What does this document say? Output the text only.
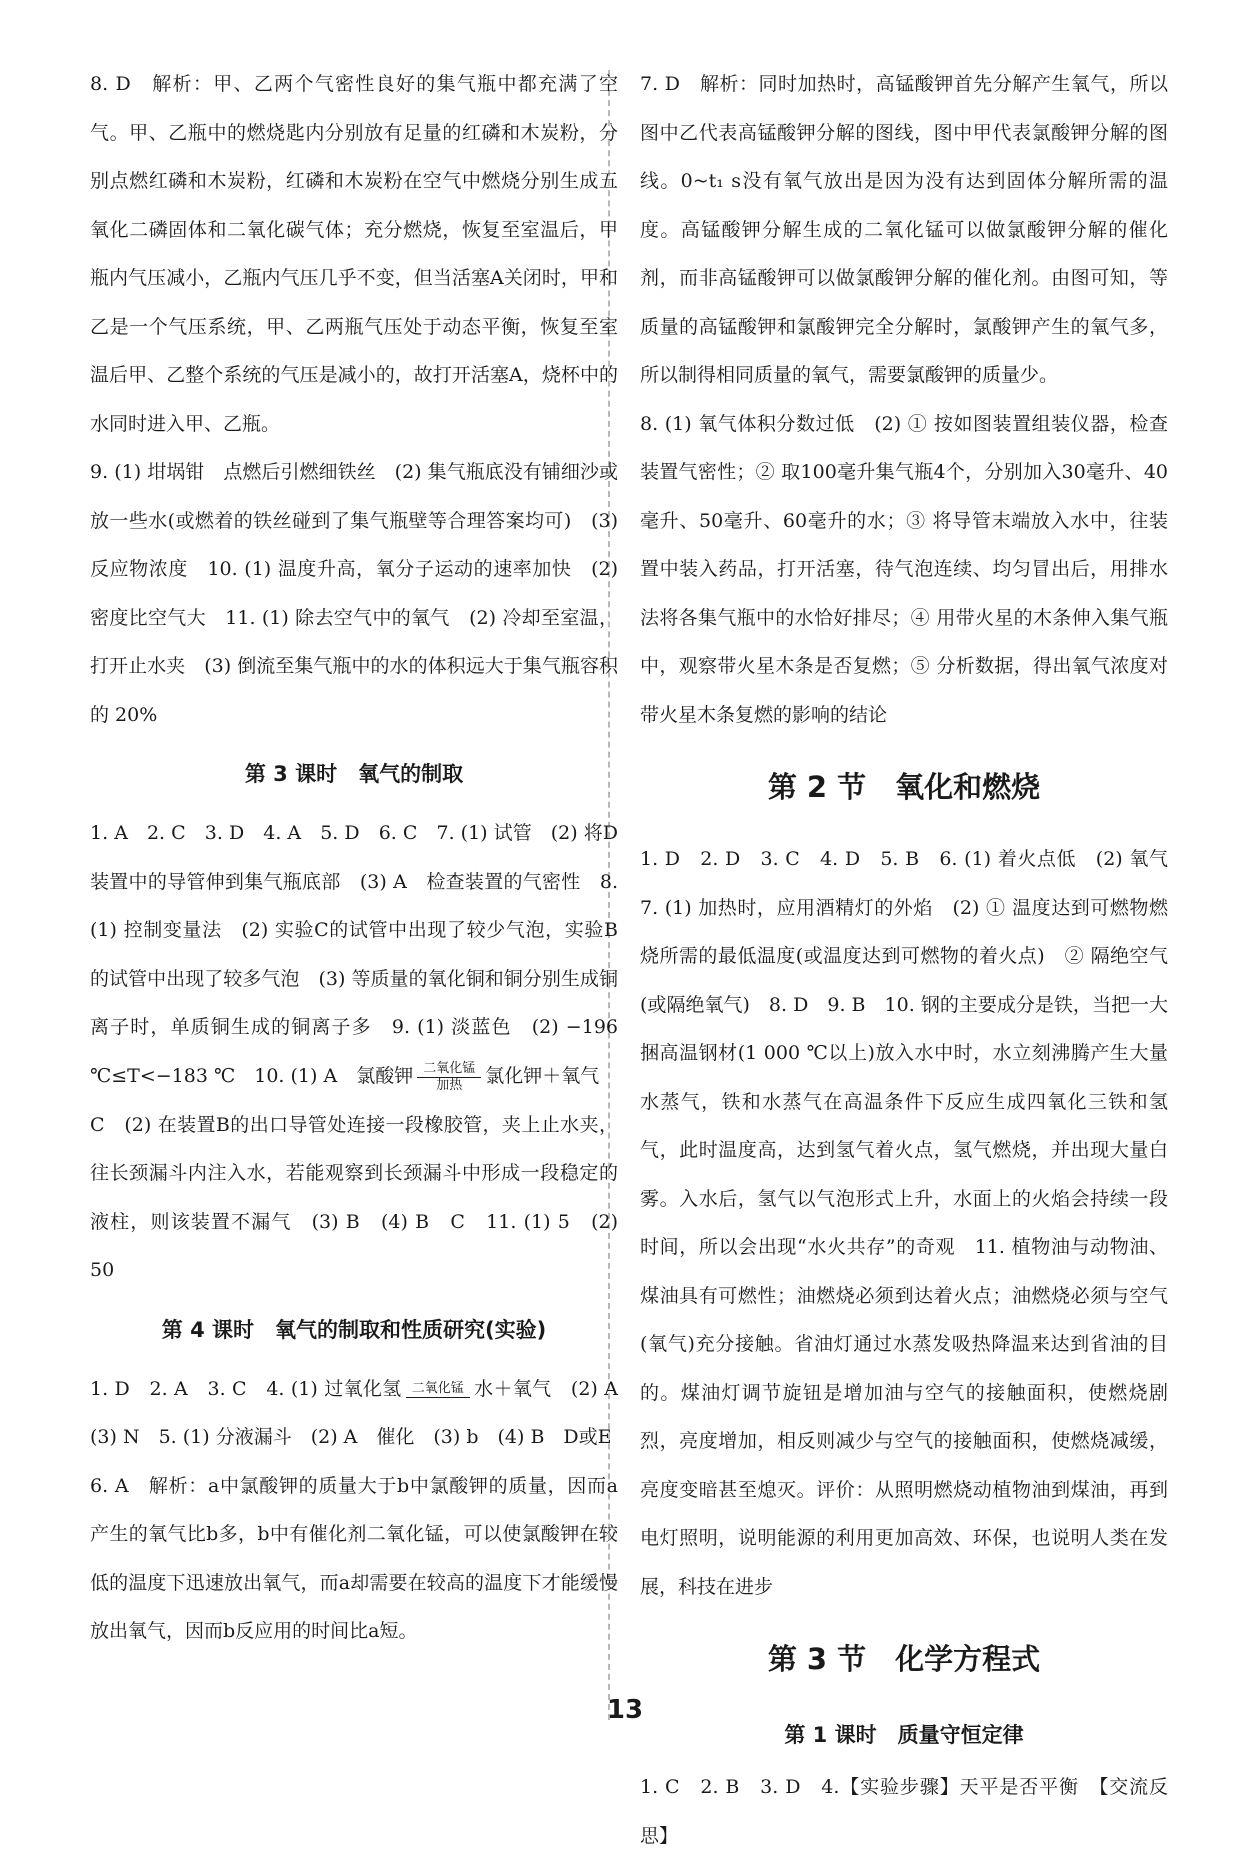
8. D　解析：甲、乙两个气密性良好的集气瓶中都充满了空气。甲、乙瓶中的燃烧匙内分别放有足量的红磷和木炭粉，分别点燃红磷和木炭粉，红磷和木炭粉在空气中燃烧分别生成五氧化二磷固体和二氧化碳气体；充分燃烧，恢复至室温后，甲瓶内气压减小，乙瓶内气压几乎不变，但当活塞A关闭时，甲和乙是一个气压系统，甲、乙两瓶气压处于动态平衡，恢复至室温后甲、乙整个系统的气压是减小的，故打开活塞A，烧杯中的水同时进入甲、乙瓶。

9. (1) 坩埚钳　点燃后引燃细铁丝　(2) 集气瓶底没有铺细沙或放一些水(或燃着的铁丝碰到了集气瓶壁等合理答案均可)　(3) 反应物浓度　10. (1) 温度升高，氧分子运动的速率加快　(2) 密度比空气大　11. (1) 除去空气中的氧气　(2) 冷却至室温，打开止水夹　(3) 倒流至集气瓶中的水的体积远大于集气瓶容积的 20%

第 3 课时　氧气的制取

1. A　2. C　3. D　4. A　5. D　6. C　7. (1) 试管　(2) 将D装置中的导管伸到集气瓶底部　(3) A　检查装置的气密性　8. (1) 控制变量法　(2) 实验C的试管中出现了较少气泡，实验B的试管中出现了较多气泡　(3) 等质量的氧化铜和铜分别生成铜离子时，单质铜生成的铜离子多　9. (1) 淡蓝色　(2) −196 ℃≤T<−183 ℃　10. (1) A　氯酸钾 二氧化锰
加热	氯化钾＋氧气　C　(2) 在装置B的出口导管处连接一段橡胶管，夹上止水夹，往长颈漏斗内注入水，若能观察到长颈漏斗中形成一段稳定的液柱，则该装置不漏气　(3) B　(4) B　C　11. (1) 5　(2) 50

第 4 课时　氧气的制取和性质研究(实验)

1. D　2. A　3. C　4. (1) 过氧化氢 二氧化锰 水＋氧气　(2) A　(3) N　5. (1) 分液漏斗　(2) A　催化　(3) b　(4) B　D或E

6. A　解析：a中氯酸钾的质量大于b中氯酸钾的质量，因而a产生的氧气比b多，b中有催化剂二氧化锰，可以使氯酸钾在较低的温度下迅速放出氧气，而a却需要在较高的温度下才能缓慢放出氧气，因而b反应用的时间比a短。

7. D　解析：同时加热时，高锰酸钾首先分解产生氧气，所以图中乙代表高锰酸钾分解的图线，图中甲代表氯酸钾分解的图线。0~t₁ s没有氧气放出是因为没有达到固体分解所需的温度。高锰酸钾分解生成的二氧化锰可以做氯酸钾分解的催化剂，而非高锰酸钾可以做氯酸钾分解的催化剂。由图可知，等质量的高锰酸钾和氯酸钾完全分解时，氯酸钾产生的氧气多，所以制得相同质量的氧气，需要氯酸钾的质量少。

8. (1) 氧气体积分数过低　(2) ① 按如图装置组装仪器，检查装置气密性；② 取100毫升集气瓶4个，分别加入30毫升、40毫升、50毫升、60毫升的水；③ 将导管末端放入水中，往装置中装入药品，打开活塞，待气泡连续、均匀冒出后，用排水法将各集气瓶中的水恰好排尽；④ 用带火星的木条伸入集气瓶中，观察带火星木条是否复燃；⑤ 分析数据，得出氧气浓度对带火星木条复燃的影响的结论

第 2 节　氧化和燃烧

1. D　2. D　3. C　4. D　5. B　6. (1) 着火点低　(2) 氧气　7. (1) 加热时，应用酒精灯的外焰　(2) ① 温度达到可燃物燃烧所需的最低温度(或温度达到可燃物的着火点)　② 隔绝空气(或隔绝氧气)　8. D　9. B　10. 钢的主要成分是铁，当把一大捆高温钢材(1 000 ℃以上)放入水中时，水立刻沸腾产生大量水蒸气，铁和水蒸气在高温条件下反应生成四氧化三铁和氢气，此时温度高，达到氢气着火点，氢气燃烧，并出现大量白雾。入水后，氢气以气泡形式上升，水面上的火焰会持续一段时间，所以会出现“水火共存”的奇观　11. 植物油与动物油、煤油具有可燃性；油燃烧必须到达着火点；油燃烧必须与空气(氧气)充分接触。省油灯通过水蒸发吸热降温来达到省油的目的。煤油灯调节旋钮是增加油与空气的接触面积，使燃烧剧烈，亮度增加，相反则减少与空气的接触面积，使燃烧减缓，亮度变暗甚至熄灭。评价：从照明燃烧动植物油到煤油，再到电灯照明，说明能源的利用更加高效、环保，也说明人类在发展，科技在进步

第 3 节　化学方程式
第 1 课时　质量守恒定律

1. C　2. B　3. D　4.【实验步骤】天平是否平衡　【交流反思】

13
